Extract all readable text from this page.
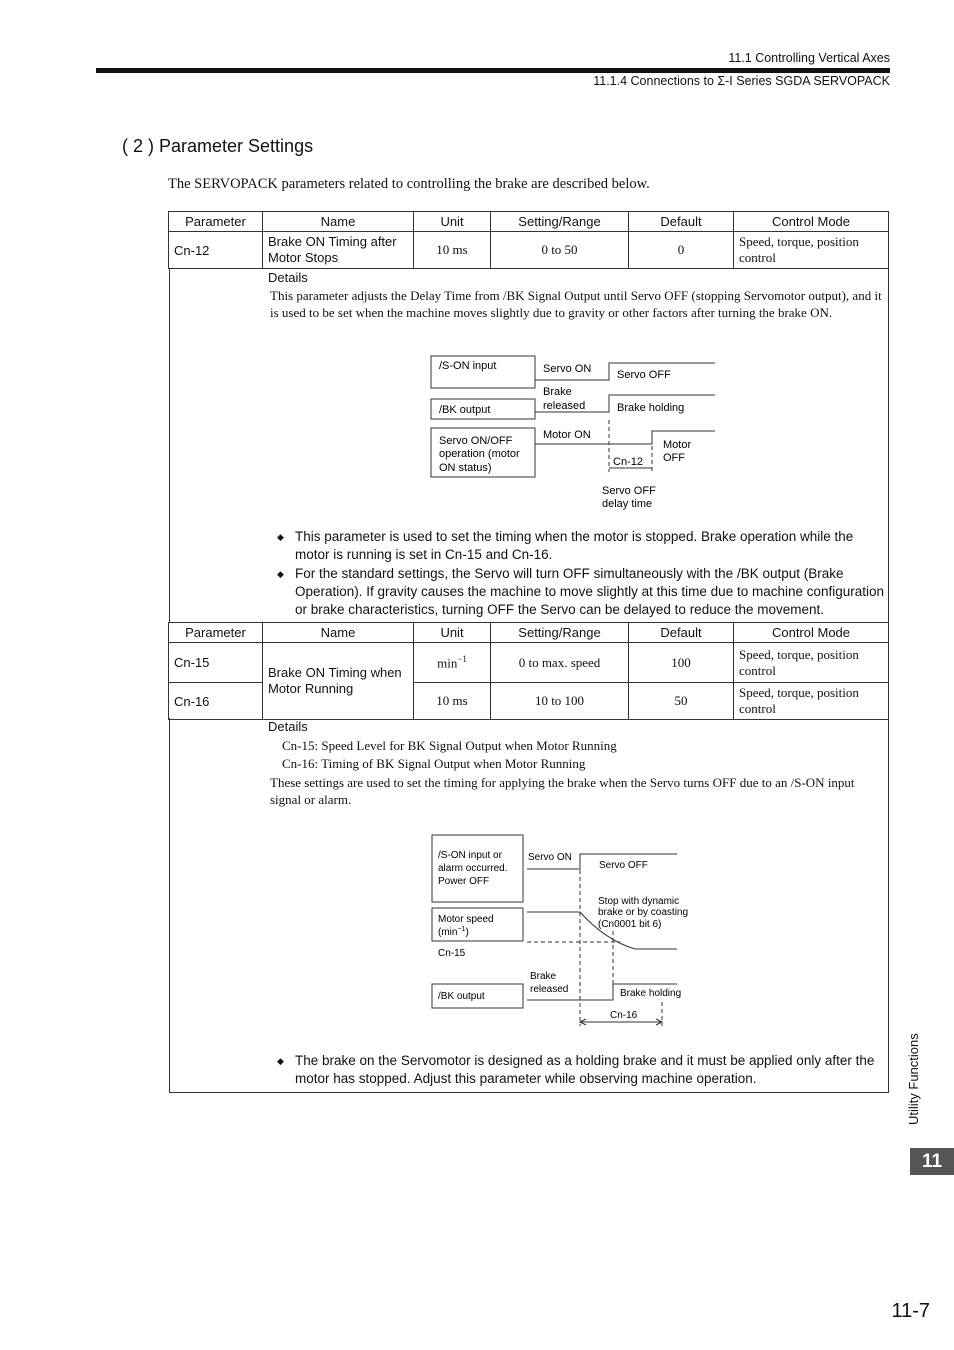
11.1 Controlling Vertical Axes
11.1.4 Connections to Σ-I Series SGDA SERVOPACK
( 2 ) Parameter Settings
The SERVOPACK parameters related to controlling the brake are described below.
Parameter	Name	Unit	Setting/Range	Default	Control Mode
Cn-12	Brake ON Timing after Motor Stops	10 ms	0 to 50	0	Speed, torque, position control
Details
This parameter adjusts the Delay Time from /BK Signal Output until Servo OFF (stopping Servomotor output), and it is used to be set when the machine moves slightly due to gravity or other factors after turning the brake ON.
/S-ON input
/BK output
Servo ON/OFF
operation (motor
ON status)
Servo ON Servo OFF
Brake
released	Brake holding
Motor ON
Motor
OFF
Cn-12
Servo OFF
delay time
◆ This parameter is used to set the timing when the motor is stopped. Brake operation while the motor is running is set in Cn-15 and Cn-16.
◆ For the standard settings, the Servo will turn OFF simultaneously with the /BK output (Brake Operation). If gravity causes the machine to move slightly at this time due to machine configuration or brake characteristics, turning OFF the Servo can be delayed to reduce the movement.
Parameter	Name	Unit	Setting/Range	Default	Control Mode
Cn-15	Brake ON Timing when Motor Running	$\min^{-1}$	0 to max. speed	100	Speed, torque, position control
Cn-16		10 ms	10 to 100	50	Speed, torque, position control
Details
Cn-15: Speed Level for BK Signal Output when Motor Running
Cn-16: Timing of BK Signal Output when Motor Running
These settings are used to set the timing for applying the brake when the Servo turns OFF due to an /S-ON input signal or alarm.
/S-ON input or
alarm occurred.
Power OFF
Motor speed
$(\min^{-1})$
Cn-15
/BK output
Servo ON
Servo OFF
Stop with dynamic
brake or by coasting
(Cn0001 bit 6)
Brake
released	Brake holding
Cn-16
◆ The brake on the Servomotor is designed as a holding brake and it must be applied only after the motor has stopped. Adjust this parameter while observing machine operation.	Utility Functions
11
11-7
